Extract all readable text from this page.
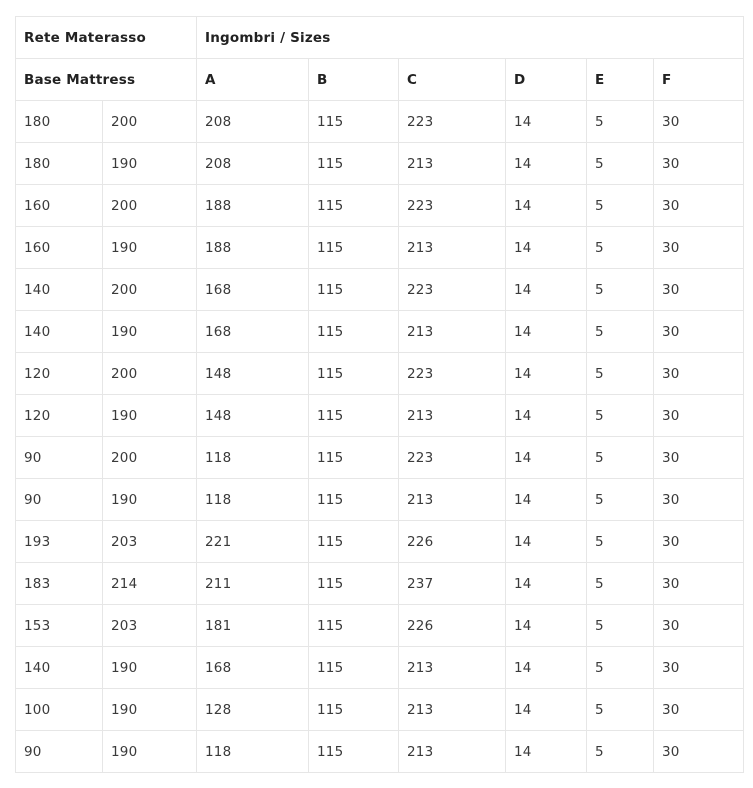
Rete Materasso		Ingombri / Sizes					
Base Mattress		A	B	C	D	E	F
180	200	208	115	223	14	5	30
180	190	208	115	213	14	5	30
160	200	188	115	223	14	5	30
160	190	188	115	213	14	5	30
140	200	168	115	223	14	5	30
140	190	168	115	213	14	5	30
120	200	148	115	223	14	5	30
120	190	148	115	213	14	5	30
90	200	118	115	223	14	5	30
90	190	118	115	213	14	5	30
193	203	221	115	226	14	5	30
183	214	211	115	237	14	5	30
153	203	181	115	226	14	5	30
140	190	168	115	213	14	5	30
100	190	128	115	213	14	5	30
90	190	118	115	213	14	5	30
